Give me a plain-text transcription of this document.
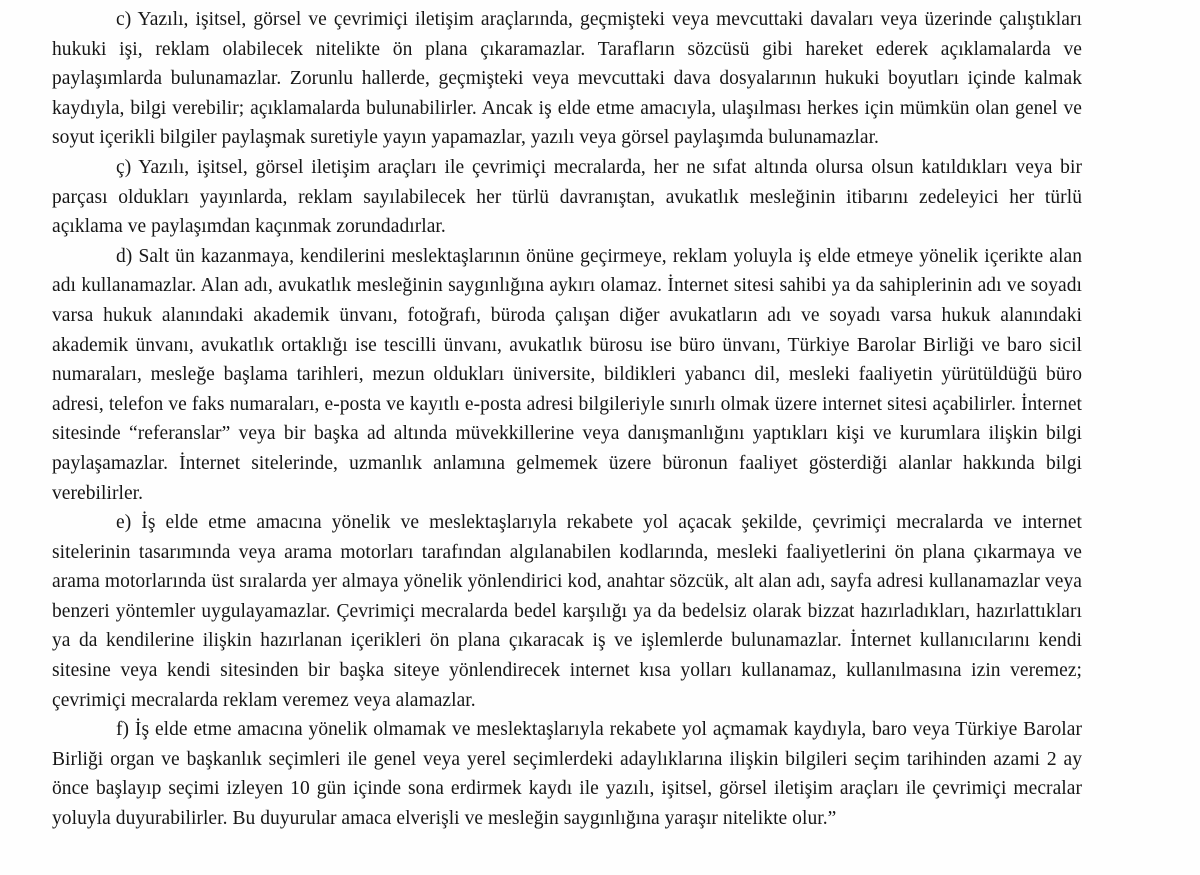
c) Yazılı, işitsel, görsel ve çevrimiçi iletişim araçlarında, geçmişteki veya mevcuttaki davaları veya üzerinde çalıştıkları hukuki işi, reklam olabilecek nitelikte ön plana çıkaramazlar. Tarafların sözcüsü gibi hareket ederek açıklamalarda ve paylaşımlarda bulunamazlar. Zorunlu hallerde, geçmişteki veya mevcuttaki dava dosyalarının hukuki boyutları içinde kalmak kaydıyla, bilgi verebilir; açıklamalarda bulunabilirler. Ancak iş elde etme amacıyla, ulaşılması herkes için mümkün olan genel ve soyut içerikli bilgiler paylaşmak suretiyle yayın yapamazlar, yazılı veya görsel paylaşımda bulunamazlar.

ç) Yazılı, işitsel, görsel iletişim araçları ile çevrimiçi mecralarda, her ne sıfat altında olursa olsun katıldıkları veya bir parçası oldukları yayınlarda, reklam sayılabilecek her türlü davranıştan, avukatlık mesleğinin itibarını zedeleyici her türlü açıklama ve paylaşımdan kaçınmak zorundadırlar.

d) Salt ün kazanmaya, kendilerini meslektaşlarının önüne geçirmeye, reklam yoluyla iş elde etmeye yönelik içerikte alan adı kullanamazlar. Alan adı, avukatlık mesleğinin saygınlığına aykırı olamaz. İnternet sitesi sahibi ya da sahiplerinin adı ve soyadı varsa hukuk alanındaki akademik ünvanı, fotoğrafı, büroda çalışan diğer avukatların adı ve soyadı varsa hukuk alanındaki akademik ünvanı, avukatlık ortaklığı ise tescilli ünvanı, avukatlık bürosu ise büro ünvanı, Türkiye Barolar Birliği ve baro sicil numaraları, mesleğe başlama tarihleri, mezun oldukları üniversite, bildikleri yabancı dil, mesleki faaliyetin yürütüldüğü büro adresi, telefon ve faks numaraları, e-posta ve kayıtlı e-posta adresi bilgileriyle sınırlı olmak üzere internet sitesi açabilirler. İnternet sitesinde “referanslar” veya bir başka ad altında müvekkillerine veya danışmanlığını yaptıkları kişi ve kurumlara ilişkin bilgi paylaşamazlar. İnternet sitelerinde, uzmanlık anlamına gelmemek üzere büronun faaliyet gösterdiği alanlar hakkında bilgi verebilirler.

e) İş elde etme amacına yönelik ve meslektaşlarıyla rekabete yol açacak şekilde, çevrimiçi mecralarda ve internet sitelerinin tasarımında veya arama motorları tarafından algılanabilen kodlarında, mesleki faaliyetlerini ön plana çıkarmaya ve arama motorlarında üst sıralarda yer almaya yönelik yönlendirici kod, anahtar sözcük, alt alan adı, sayfa adresi kullanamazlar veya benzeri yöntemler uygulayamazlar. Çevrimiçi mecralarda bedel karşılığı ya da bedelsiz olarak bizzat hazırladıkları, hazırlattıkları ya da kendilerine ilişkin hazırlanan içerikleri ön plana çıkaracak iş ve işlemlerde bulunamazlar. İnternet kullanıcılarını kendi sitesine veya kendi sitesinden bir başka siteye yönlendirecek internet kısa yolları kullanamaz, kullanılmasına izin veremez; çevrimiçi mecralarda reklam veremez veya alamazlar.

f) İş elde etme amacına yönelik olmamak ve meslektaşlarıyla rekabete yol açmamak kaydıyla, baro veya Türkiye Barolar Birliği organ ve başkanlık seçimleri ile genel veya yerel seçimlerdeki adaylıklarına ilişkin bilgileri seçim tarihinden azami 2 ay önce başlayıp seçimi izleyen 10 gün içinde sona erdirmek kaydı ile yazılı, işitsel, görsel iletişim araçları ile çevrimiçi mecralar yoluyla duyurabilirler. Bu duyurular amaca elverişli ve mesleğin saygınlığına yaraşır nitelikte olur.”
